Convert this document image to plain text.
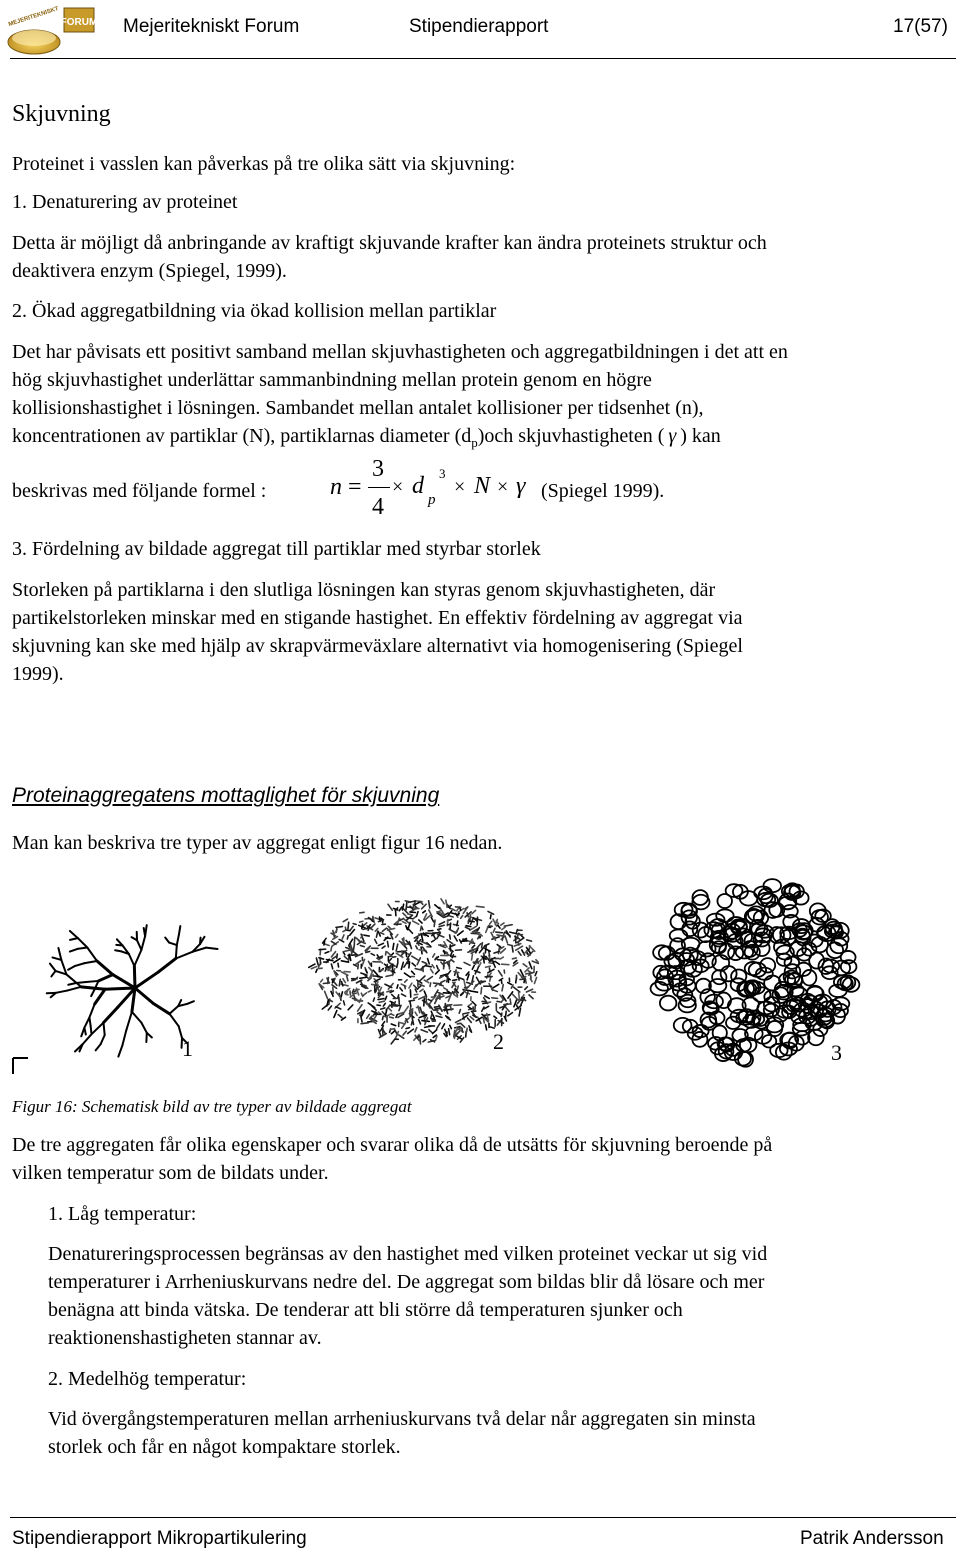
FORUM
MEJERITEKNISKT	Mejeritekniskt Forum	Stipendierapport	17(57)
Skjuvning
Proteinet i vasslen kan påverkas på tre olika sätt via skjuvning:
1. Denaturering av proteinet
Detta är möjligt då anbringande av kraftigt skjuvande krafter kan ändra proteinets struktur och
deaktivera enzym (Spiegel, 1999).
2. Ökad aggregatbildning via ökad kollision mellan partiklar
Det har påvisats ett positivt samband mellan skjuvhastigheten och aggregatbildningen i det att en
hög skjuvhastighet underlättar sammanbindning mellan protein genom en högre
kollisionshastighet i lösningen. Sambandet mellan antalet kollisioner per tidsenhet (n),
koncentrationen av partiklar (N), partiklarnas diameter $(d_p)och$ skjuvhastigheten ( γ ) kan
beskrivas med följande formel :	n =
3
4
× d 3
p
× N × γ (Spiegel 1999).
3. Fördelning av bildade aggregat till partiklar med styrbar storlek
Storleken på partiklarna i den slutliga lösningen kan styras genom skjuvhastigheten, där
partikelstorleken minskar med en stigande hastighet. En effektiv fördelning av aggregat via
skjuvning kan ske med hjälp av skrapvärmeväxlare alternativt via homogenisering (Spiegel
1999).
Proteinaggregatens mottaglighet för skjuvning
Man kan beskriva tre typer av aggregat enligt figur 16 nedan.
1	2	3
Figur 16: Schematisk bild av tre typer av bildade aggregat
De tre aggregaten får olika egenskaper och svarar olika då de utsätts för skjuvning beroende på
vilken temperatur som de bildats under.
1. Låg temperatur:
Denatureringsprocessen begränsas av den hastighet med vilken proteinet veckar ut sig vid
temperaturer i Arrheniuskurvans nedre del. De aggregat som bildas blir då lösare och mer
benägna att binda vätska. De tenderar att bli större då temperaturen sjunker och
reaktionenshastigheten stannar av.
2. Medelhög temperatur:
Vid övergångstemperaturen mellan arrheniuskurvans två delar når aggregaten sin minsta
storlek och får en något kompaktare storlek.
Stipendierapport Mikropartikulering	Patrik Andersson
